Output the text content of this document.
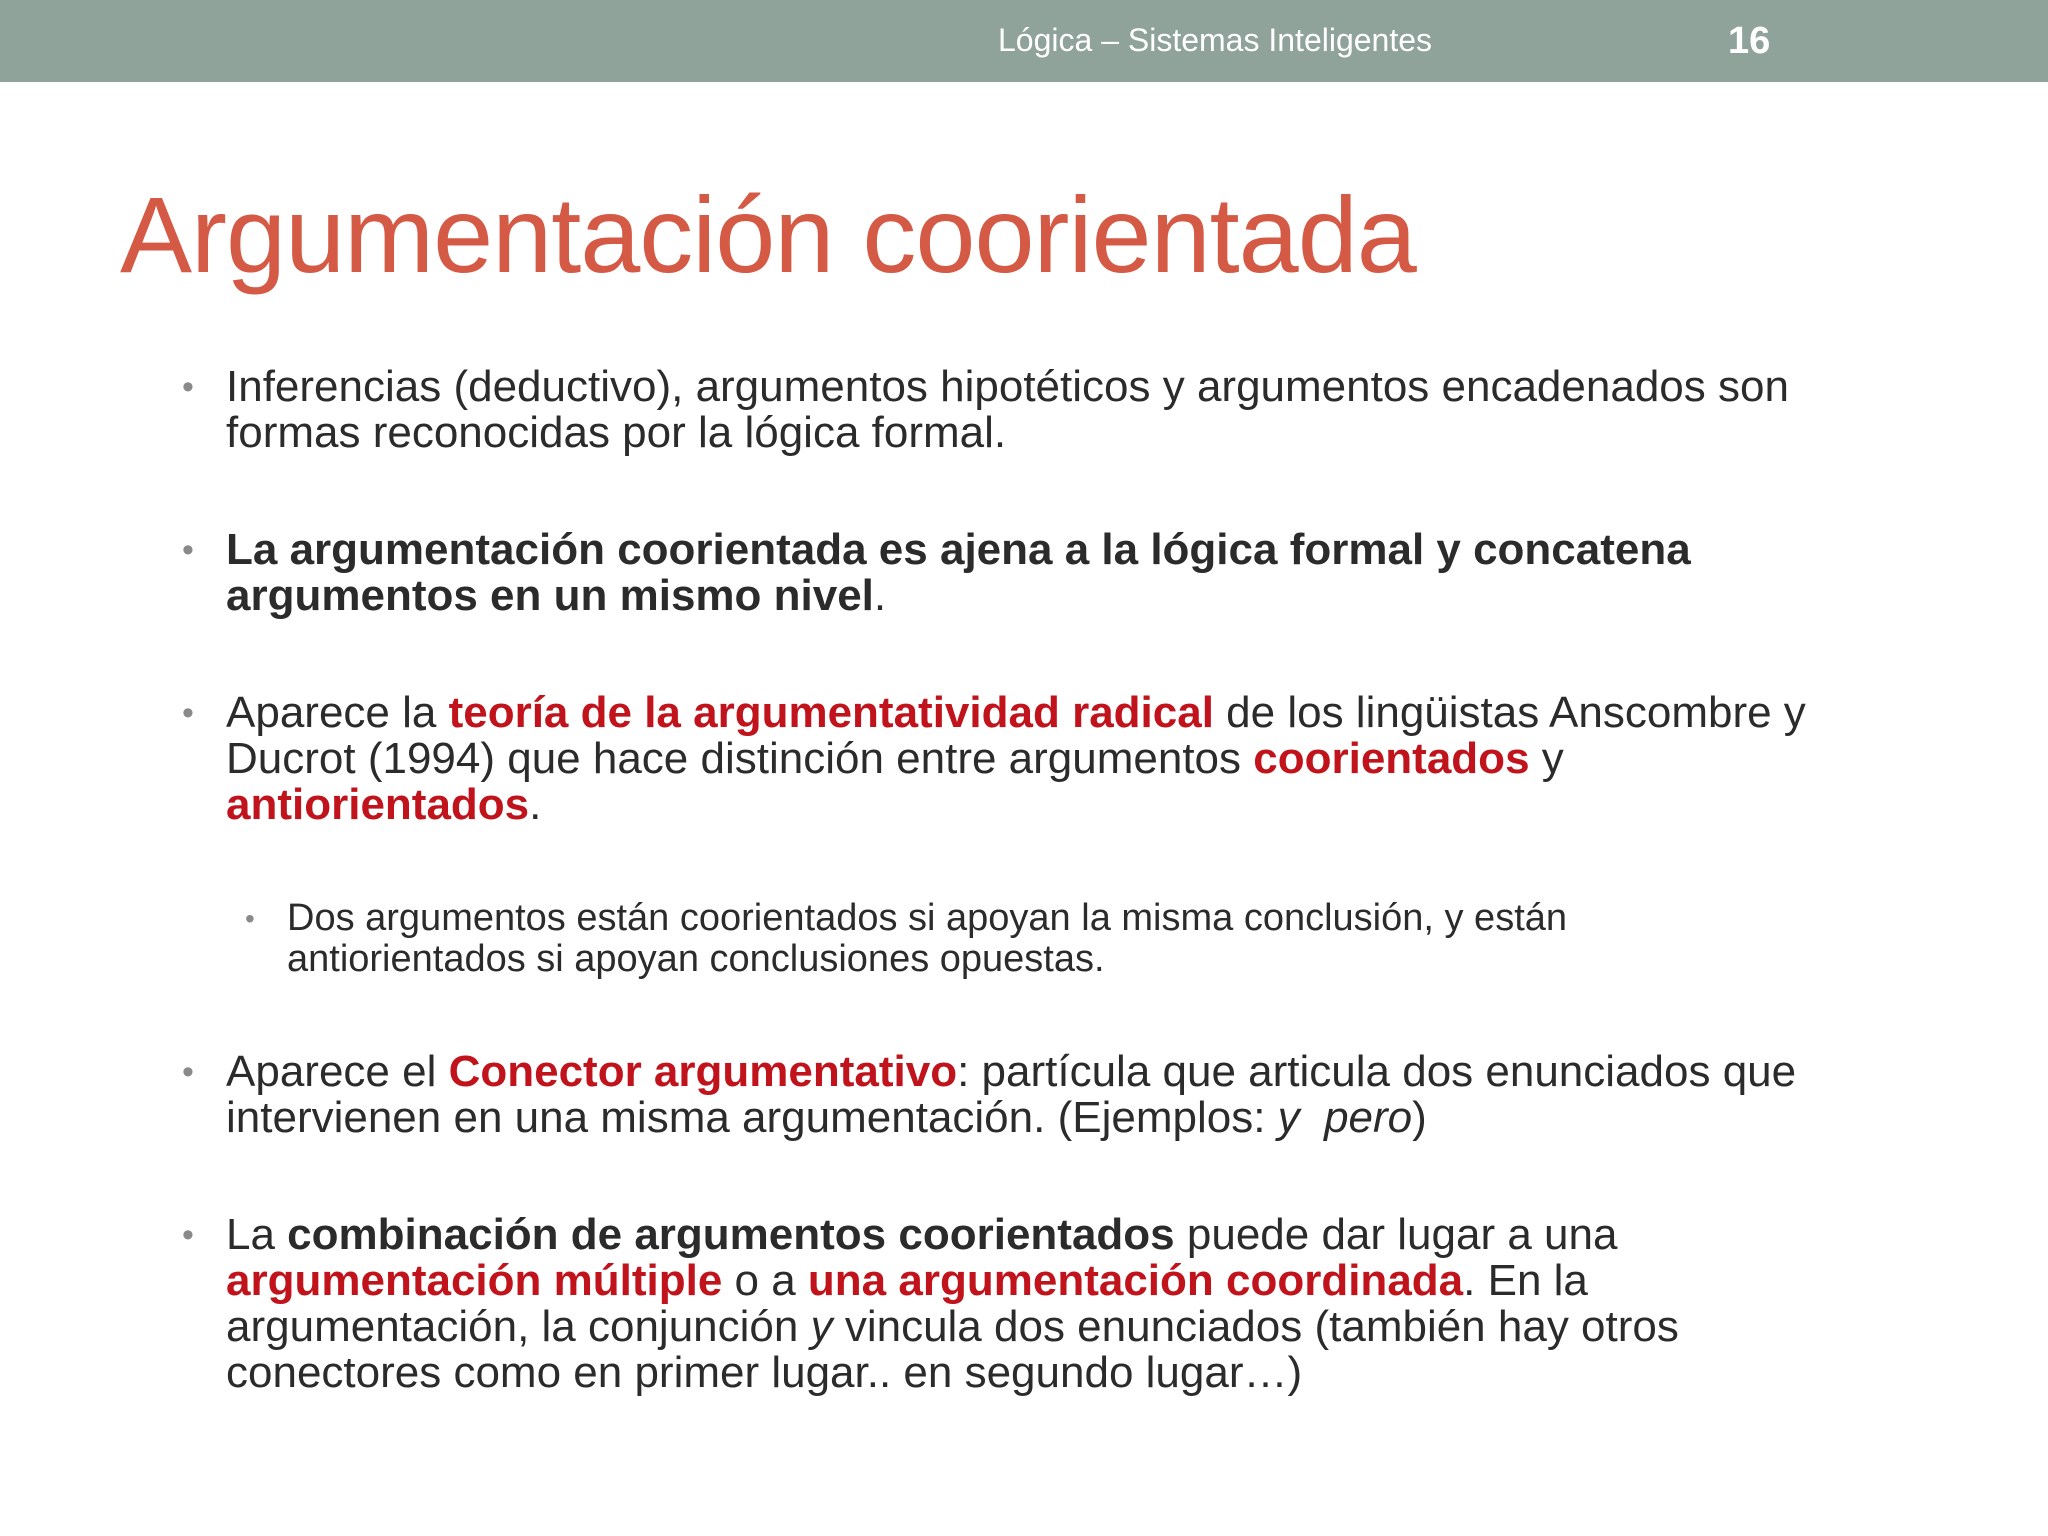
Lógica – Sistemas Inteligentes	16
Argumentación coorientada
• Inferencias (deductivo), argumentos hipotéticos y argumentos encadenados son formas reconocidas por la lógica formal.
• La argumentación coorientada es ajena a la lógica formal y concatena argumentos en un mismo nivel.
• Aparece la teoría de la argumentatividad radical de los lingüistas Anscombre y Ducrot (1994) que hace distinción entre argumentos coorientados y antiorientados.
• Dos argumentos están coorientados si apoyan la misma conclusión, y están antiorientados si apoyan conclusiones opuestas.
• Aparece el Conector argumentativo: partícula que articula dos enunciados que intervienen en una misma argumentación. (Ejemplos: y  pero)
• La combinación de argumentos coorientados puede dar lugar a una argumentación múltiple o a una argumentación coordinada. En la argumentación, la conjunción y vincula dos enunciados (también hay otros conectores como en primer lugar.. en segundo lugar…)
